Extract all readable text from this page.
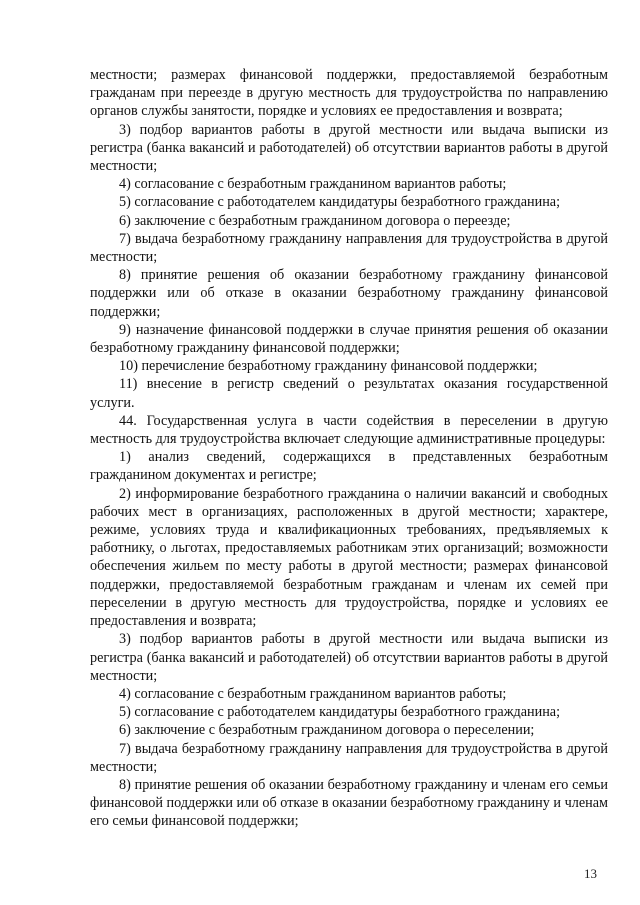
местности; размерах финансовой поддержки, предоставляемой безработным гражданам при переезде в другую местность для трудоустройства по направлению органов службы занятости, порядке и условиях ее предоставления и возврата;

3) подбор вариантов работы в другой местности или выдача выписки из регистра (банка вакансий и работодателей) об отсутствии вариантов работы в другой местности;

4) согласование с безработным гражданином вариантов работы;

5) согласование с работодателем кандидатуры безработного гражданина;

6) заключение с безработным гражданином договора о переезде;

7) выдача безработному гражданину направления для трудоустройства в другой местности;

8) принятие решения об оказании безработному гражданину финансовой поддержки или об отказе в оказании безработному гражданину финансовой поддержки;

9) назначение финансовой поддержки в случае принятия решения об оказании безработному гражданину финансовой поддержки;

10) перечисление безработному гражданину финансовой поддержки;

11) внесение в регистр сведений о результатах оказания государственной услуги.

44. Государственная услуга в части содействия в переселении в другую местность для трудоустройства включает следующие административные процедуры:

1) анализ сведений, содержащихся в представленных безработным гражданином документах и регистре;

2) информирование безработного гражданина о наличии вакансий и свободных рабочих мест в организациях, расположенных в другой местности; характере, режиме, условиях труда и квалификационных требованиях, предъявляемых к работнику, о льготах, предоставляемых работникам этих организаций; возможности обеспечения жильем по месту работы в другой местности; размерах финансовой поддержки, предоставляемой безработным гражданам и членам их семей при переселении в другую местность для трудоустройства, порядке и условиях ее предоставления и возврата;

3) подбор вариантов работы в другой местности или выдача выписки из регистра (банка вакансий и работодателей) об отсутствии вариантов работы в другой местности;

4) согласование с безработным гражданином вариантов работы;

5) согласование с работодателем кандидатуры безработного гражданина;

6) заключение с безработным гражданином договора о переселении;

7) выдача безработному гражданину направления для трудоустройства в другой местности;

8) принятие решения об оказании безработному гражданину и членам его семьи финансовой поддержки или об отказе в оказании безработному гражданину и членам его семьи финансовой поддержки;

13
